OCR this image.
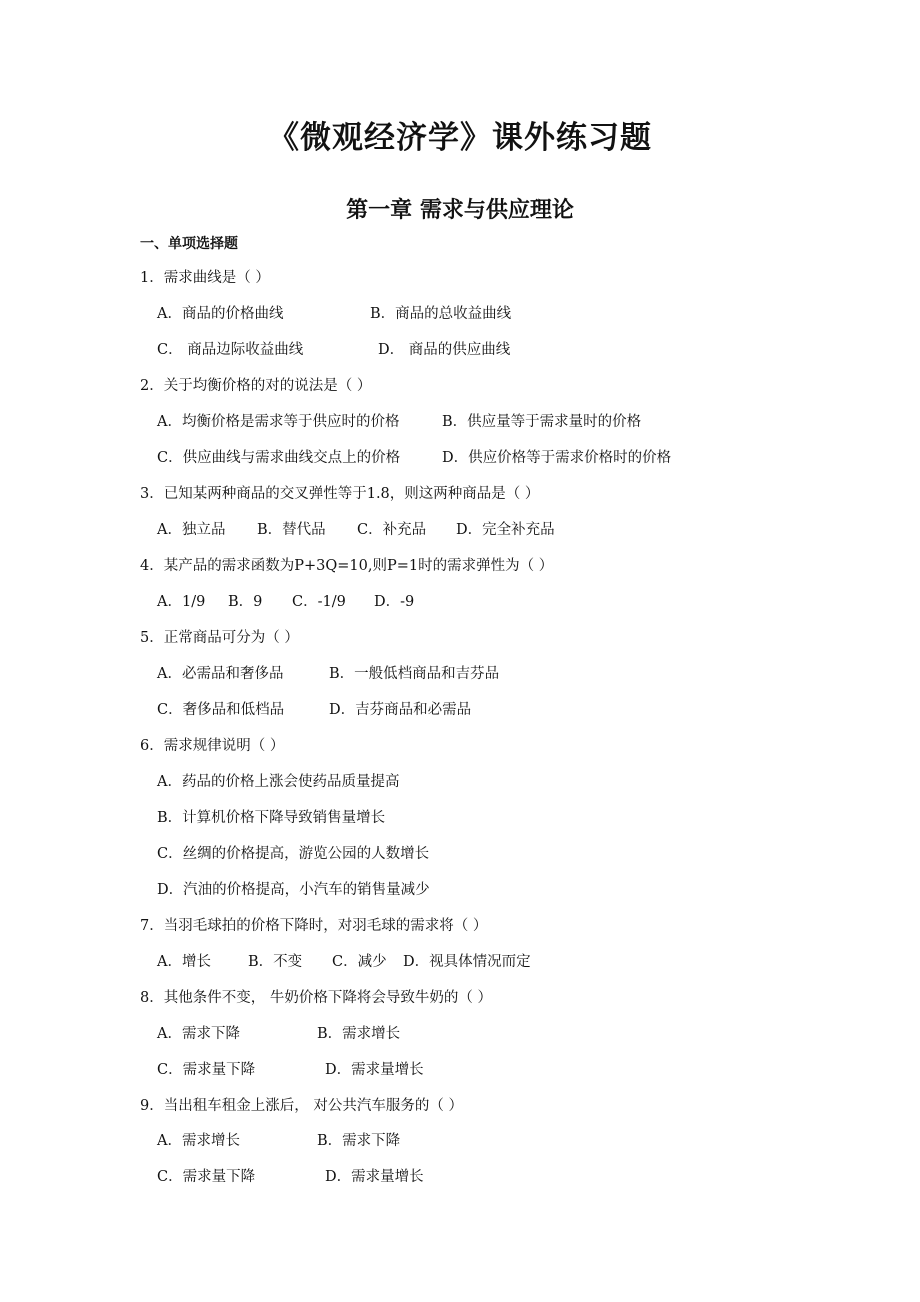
《微观经济学》课外练习题
第一章 需求与供应理论
一、单项选择题
1．需求曲线是（ ）
A．商品的价格曲线	B．商品的总收益曲线
C． 商品边际收益曲线	D． 商品的供应曲线
2．关于均衡价格的对的说法是（ ）
A．均衡价格是需求等于供应时的价格	B．供应量等于需求量时的价格
C．供应曲线与需求曲线交点上的价格	D．供应价格等于需求价格时的价格
3．已知某两种商品的交叉弹性等于1.8，则这两种商品是（ ）
A．独立品 B．替代品 C．补充品 D．完全补充品
4．某产品的需求函数为P+3Q=10,则P=1时的需求弹性为（ ）
A．1/9 B．9 C．-1/9 D．-9
5．正常商品可分为（ ）
A．必需品和奢侈品	B．一般低档商品和吉芬品
C．奢侈品和低档品	D．吉芬商品和必需品
6．需求规律说明（ ）
A．药品的价格上涨会使药品质量提高
B．计算机价格下降导致销售量增长
C．丝绸的价格提高，游览公园的人数增长
D．汽油的价格提高，小汽车的销售量减少
7．当羽毛球拍的价格下降时，对羽毛球的需求将（ ）
A．增长	B．不变 C．减少 D．视具体情况而定
8．其他条件不变， 牛奶价格下降将会导致牛奶的（ ）
A．需求下降	B．需求增长
C．需求量下降	D．需求量增长
9．当出租车租金上涨后， 对公共汽车服务的（ ）
A．需求增长	B．需求下降
C．需求量下降	D．需求量增长
